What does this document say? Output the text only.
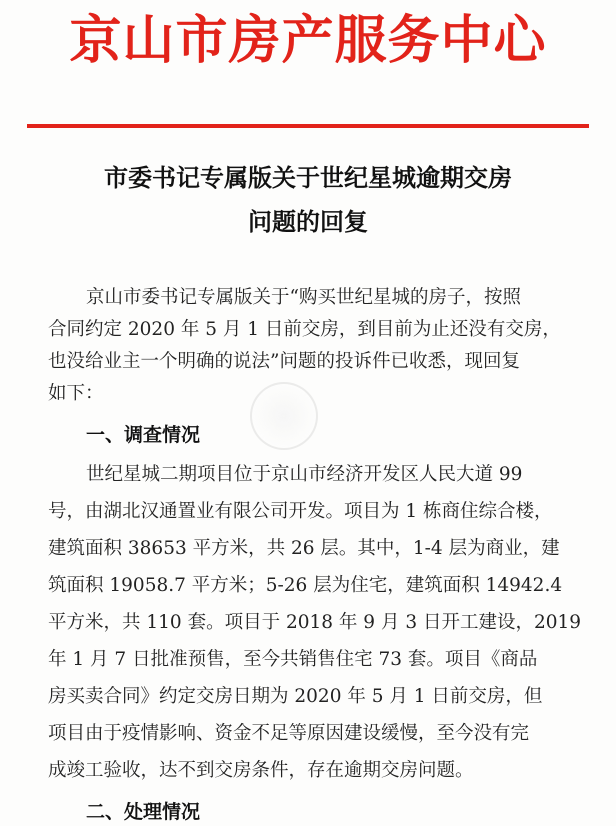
京山市房产服务中心
市委书记专属版关于世纪星城逾期交房
问题的回复
京山市委书记专属版关于“购买世纪星城的房子，按照
合同约定 2020 年 5 月 1 日前交房，到目前为止还没有交房，
也没给业主一个明确的说法”问题的投诉件已收悉，现回复
如下：
一、调查情况
世纪星城二期项目位于京山市经济开发区人民大道 99
号，由湖北汉通置业有限公司开发。项目为 1 栋商住综合楼，
建筑面积 38653 平方米，共 26 层。其中，1-4 层为商业，建
筑面积 19058.7 平方米；5-26 层为住宅，建筑面积 14942.4
平方米，共 110 套。项目于 2018 年 9 月 3 日开工建设，2019
年 1 月 7 日批准预售，至今共销售住宅 73 套。项目《商品
房买卖合同》约定交房日期为 2020 年 5 月 1 日前交房，但
项目由于疫情影响、资金不足等原因建设缓慢，至今没有完
成竣工验收，达不到交房条件，存在逾期交房问题。
二、处理情况
